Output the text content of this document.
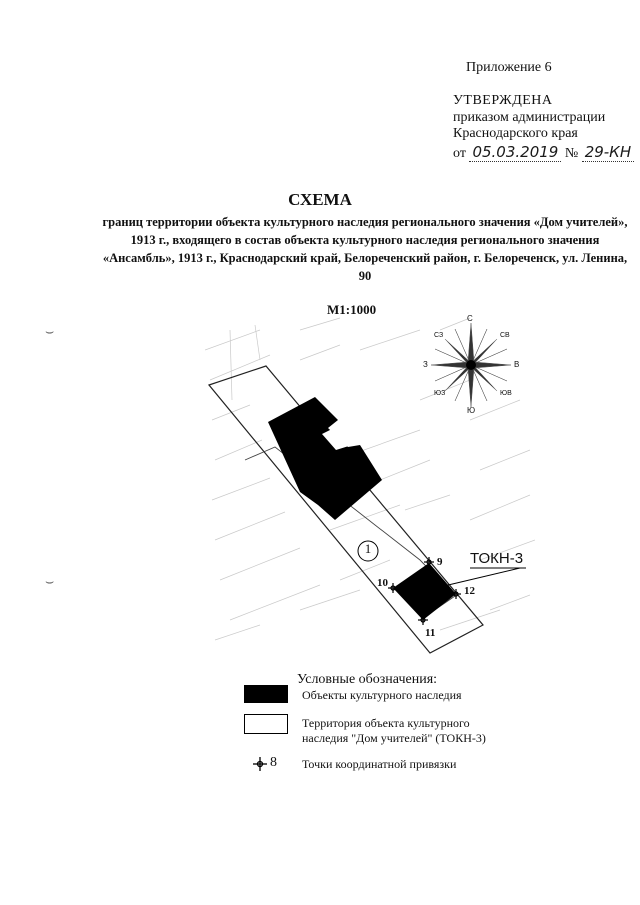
Приложение 6
УТВЕРЖДЕНА
приказом администрации
Краснодарского края
от 05.03.2019 № 29-КН
СХЕМА
границ территории объекта культурного наследия регионального значения «Дом учителей», 1913 г., входящего в состав объекта культурного наследия регионального значения «Ансамбль», 1913 г., Краснодарский край, Белореченский район, г. Белореченск, ул. Ленина, 90
М1:1000
⌣
⌣
1
ТОКН-3
9
10
11
12
С
Ю
З	В
СЗ	СВ
ЮЗ	ЮВ
Условные обозначения:
Объекты культурного наследия
Территория объекта культурного
наследия "Дом учителей" (ТОКН-3)
8 Точки координатной привязки
